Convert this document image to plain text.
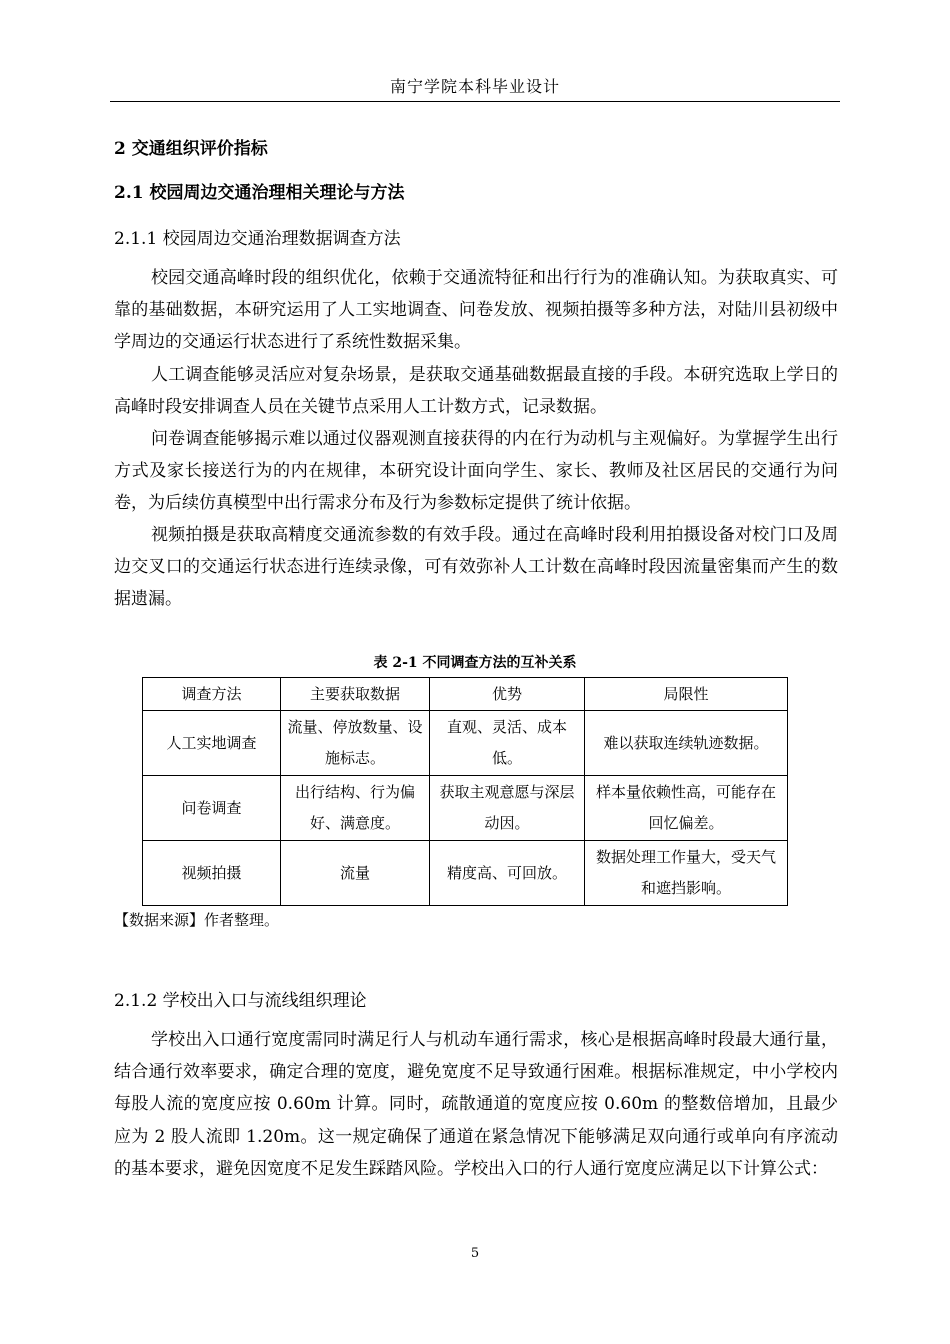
南宁学院本科毕业设计
2 交通组织评价指标
2.1 校园周边交通治理相关理论与方法
2.1.1 校园周边交通治理数据调查方法

校园交通高峰时段的组织优化，依赖于交通流特征和出行行为的准确认知。为获取真实、可靠的基础数据，本研究运用了人工实地调查、问卷发放、视频拍摄等多种方法，对陆川县初级中学周边的交通运行状态进行了系统性数据采集。

人工调查能够灵活应对复杂场景，是获取交通基础数据最直接的手段。本研究选取上学日的高峰时段安排调查人员在关键节点采用人工计数方式，记录数据。

问卷调查能够揭示难以通过仪器观测直接获得的内在行为动机与主观偏好。为掌握学生出行方式及家长接送行为的内在规律，本研究设计面向学生、家长、教师及社区居民的交通行为问卷，为后续仿真模型中出行需求分布及行为参数标定提供了统计依据。

视频拍摄是获取高精度交通流参数的有效手段。通过在高峰时段利用拍摄设备对校门口及周边交叉口的交通运行状态进行连续录像，可有效弥补人工计数在高峰时段因流量密集而产生的数据遗漏。

表 2-1 不同调查方法的互补关系
调查方法	主要获取数据	优势	局限性
人工实地调查	流量、停放数量、设施标志。	直观、灵活、成本低。	难以获取连续轨迹数据。
问卷调查	出行结构、行为偏好、满意度。	获取主观意愿与深层动因。	样本量依赖性高，可能存在回忆偏差。
视频拍摄	流量	精度高、可回放。	数据处理工作量大，受天气和遮挡影响。
【数据来源】作者整理。
2.1.2 学校出入口与流线组织理论

学校出入口通行宽度需同时满足行人与机动车通行需求，核心是根据高峰时段最大通行量，结合通行效率要求，确定合理的宽度，避免宽度不足导致通行困难。根据标准规定，中小学校内每股人流的宽度应按 0.60m 计算。同时，疏散通道的宽度应按 0.60m 的整数倍增加，且最少应为 2 股人流即 1.20m。这一规定确保了通道在紧急情况下能够满足双向通行或单向有序流动的基本要求，避免因宽度不足发生踩踏风险。学校出入口的行人通行宽度应满足以下计算公式：

5
